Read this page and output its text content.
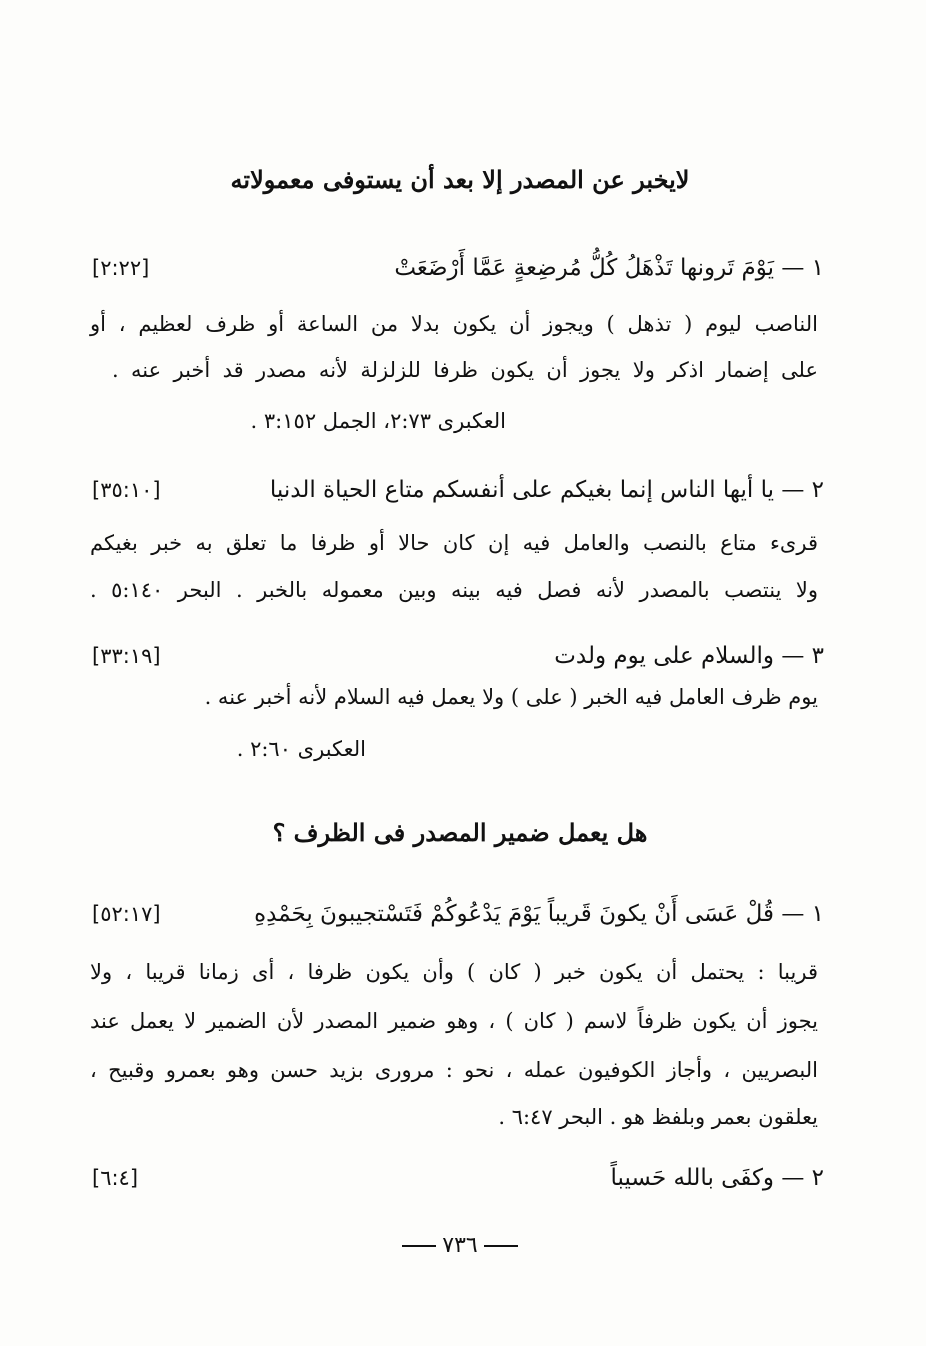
لايخبر عن المصدر إلا بعد أن يستوفى معمولاته
١ — يَوْمَ تَرونها تَذْهَلُ كُلُّ مُرضِعةٍ عَمَّا أَرْضَعَتْ
[٢:٢٢]
الناصب ليوم ( تذهل ) ويجوز أن يكون بدلا من الساعة أو ظرف لعظيم ، أو
على إضمار اذكر ولا يجوز أن يكون ظرفا للزلزلة لأنه مصدر قد أخبر عنه .
العكبرى ٢:٧٣، الجمل ٣:١٥٢ .
٢ — يا أيها الناس إنما بغيكم على أنفسكم متاع الحياة الدنيا
[٣٥:١٠]
قرىء متاع بالنصب والعامل فيه إن كان حالا أو ظرفا ما تعلق به خبر بغيكم
ولا ينتصب بالمصدر لأنه فصل فيه بينه وبين معموله بالخبر . البحر ٥:١٤٠ .
٣ — والسلام على يوم ولدت
[٣٣:١٩]
يوم ظرف العامل فيه الخبر ( على ) ولا يعمل فيه السلام لأنه أخبر عنه .
العكبرى ٢:٦٠ .
هل يعمل ضمير المصدر فى الظرف ؟
١ — قُلْ عَسَى أَنْ يكونَ قَريباً يَوْمَ يَدْعُوكُمْ فَتَسْتجيبونَ بِحَمْدِهِ
[٥٢:١٧]
قريبا : يحتمل أن يكون خبر ( كان ) وأن يكون ظرفا ، أى زمانا قريبا ، ولا
يجوز أن يكون ظرفاً لاسم ( كان ) ، وهو ضمير المصدر لأن الضمير لا يعمل عند
البصريين ، وأجاز الكوفيون عمله ، نحو : مرورى بزيد حسن وهو بعمرو وقبيح ،
يعلقون بعمر وبلفظ هو . البحر ٦:٤٧ .
٢ — وكفَى بالله حَسيباً
[٦:٤]
٧٣٦
